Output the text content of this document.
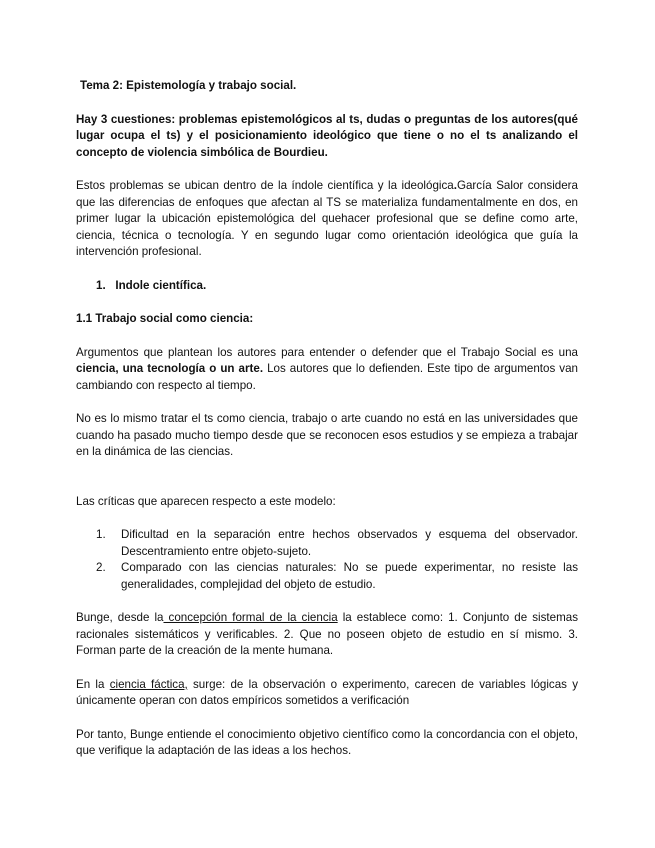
Tema 2: Epistemología y trabajo social.

Hay 3 cuestiones: problemas epistemológicos al ts, dudas o preguntas de los autores(qué lugar ocupa el ts) y el posicionamiento ideológico que tiene o no el ts analizando el concepto de violencia simbólica de Bourdieu.

Estos problemas se ubican dentro de la índole científica y la ideológica.García Salor considera que las diferencias de enfoques que afectan al TS se materializa fundamentalmente en dos, en primer lugar la ubicación epistemológica del quehacer profesional que se define como arte, ciencia, técnica o tecnología. Y en segundo lugar como orientación ideológica que guía la intervención profesional.

1. Indole científica.

1.1 Trabajo social como ciencia:

Argumentos que plantean los autores para entender o defender que el Trabajo Social es una ciencia, una tecnología o un arte. Los autores que lo defienden. Este tipo de argumentos van cambiando con respecto al tiempo.

No es lo mismo tratar el ts como ciencia, trabajo o arte cuando no está en las universidades que cuando ha pasado mucho tiempo desde que se reconocen esos estudios y se empieza a trabajar en la dinámica de las ciencias.

Las críticas que aparecen respecto a este modelo:

1. Dificultad en la separación entre hechos observados y esquema del observador. Descentramiento entre objeto-sujeto.
2. Comparado con las ciencias naturales: No se puede experimentar, no resiste las generalidades, complejidad del objeto de estudio.

Bunge, desde la concepción formal de la ciencia la establece como: 1. Conjunto de sistemas racionales sistemáticos y verificables. 2. Que no poseen objeto de estudio en sí mismo. 3. Forman parte de la creación de la mente humana.

En la ciencia fáctica, surge: de la observación o experimento, carecen de variables lógicas y únicamente operan con datos empíricos sometidos a verificación

Por tanto, Bunge entiende el conocimiento objetivo científico como la concordancia con el objeto, que verifique la adaptación de las ideas a los hechos.
